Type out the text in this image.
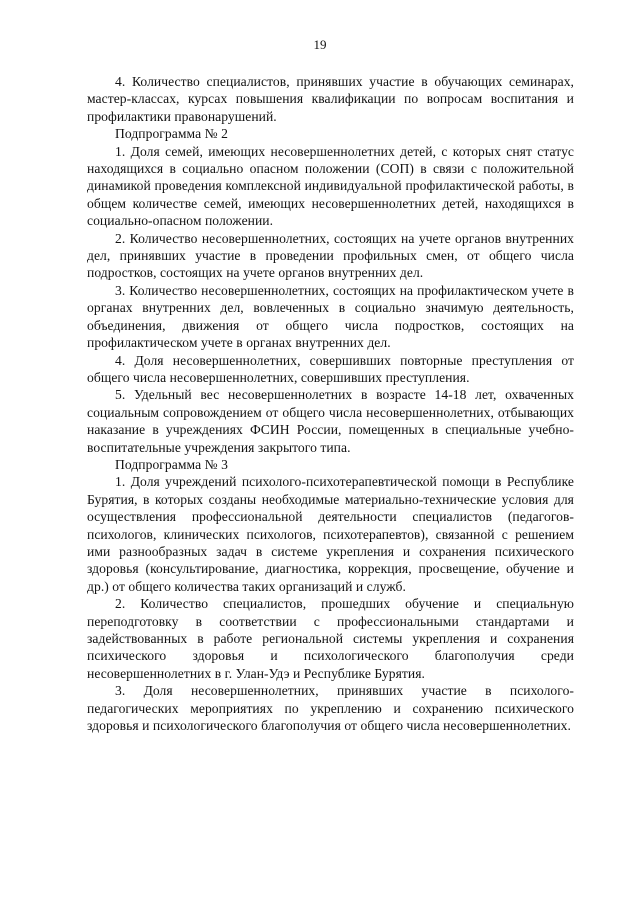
19

4. Количество специалистов, принявших участие в обучающих семинарах, мастер-классах, курсах повышения квалификации по вопросам воспитания и профилактики правонарушений.

Подпрограмма № 2

1. Доля семей, имеющих несовершеннолетних детей, с которых снят статус находящихся в социально опасном положении (СОП) в связи с положительной динамикой проведения комплексной индивидуальной профилактической работы, в общем количестве семей, имеющих несовершеннолетних детей, находящихся в социально-опасном положении.

2. Количество несовершеннолетних, состоящих на учете органов внутренних дел, принявших участие в проведении профильных смен, от общего числа подростков, состоящих на учете органов внутренних дел.

3. Количество несовершеннолетних, состоящих на профилактическом учете в органах внутренних дел, вовлеченных в социально значимую деятельность, объединения, движения от общего числа подростков, состоящих на профилактическом учете в органах внутренних дел.

4. Доля несовершеннолетних, совершивших повторные преступления от общего числа несовершеннолетних, совершивших преступления.

5. Удельный вес несовершеннолетних в возрасте 14-18 лет, охваченных социальным сопровождением от общего числа несовершеннолетних, отбывающих наказание в учреждениях ФСИН России, помещенных в специальные учебно-воспитательные учреждения закрытого типа.

Подпрограмма № 3

1. Доля учреждений психолого-психотерапевтической помощи в Республике Бурятия, в которых созданы необходимые материально-технические условия для осуществления профессиональной деятельности специалистов (педагогов-психологов, клинических психологов, психотерапевтов), связанной с решением ими разнообразных задач в системе укрепления и сохранения психического здоровья (консультирование, диагностика, коррекция, просвещение, обучение и др.) от общего количества таких организаций и служб.

2. Количество специалистов, прошедших обучение и специальную переподготовку в соответствии с профессиональными стандартами и задействованных в работе региональной системы укрепления и сохранения психического здоровья и психологического благополучия среди несовершеннолетних в г. Улан-Удэ и Республике Бурятия.

3. Доля несовершеннолетних, принявших участие в психолого-педагогических мероприятиях по укреплению и сохранению психического здоровья и психологического благополучия от общего числа несовершеннолетних.
